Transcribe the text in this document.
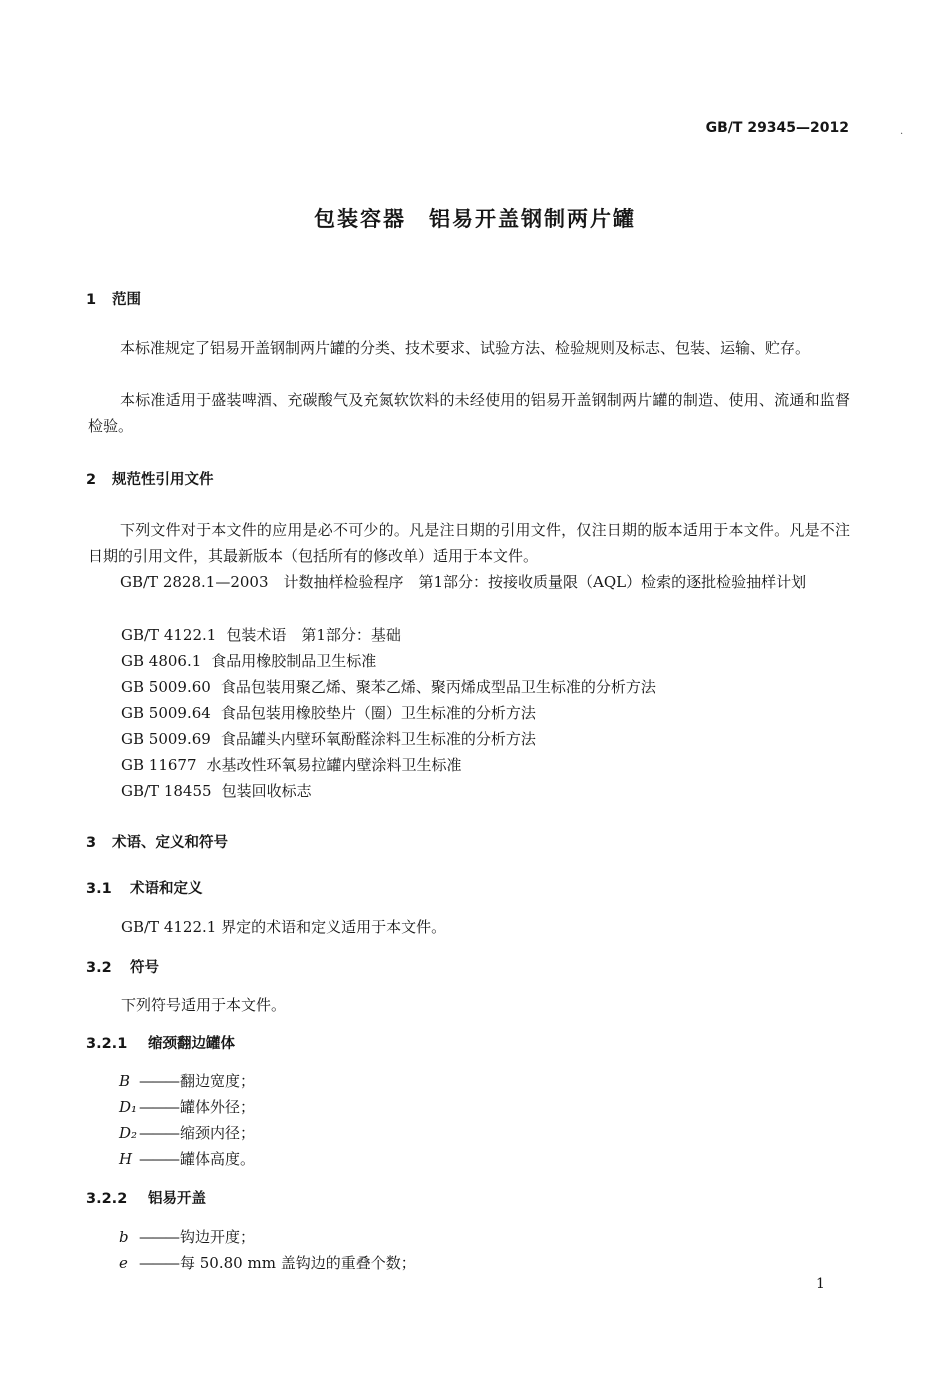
GB/T 29345—2012	.
包装容器　铝易开盖钢制两片罐
1 范围

本标准规定了铝易开盖钢制两片罐的分类、技术要求、试验方法、检验规则及标志、包装、运输、贮存。

本标准适用于盛装啤酒、充碳酸气及充氮软饮料的未经使用的铝易开盖钢制两片罐的制造、使用、流通和监督检验。

2 规范性引用文件

下列文件对于本文件的应用是必不可少的。凡是注日期的引用文件，仅注日期的版本适用于本文件。凡是不注日期的引用文件，其最新版本（包括所有的修改单）适用于本文件。

GB/T 2828.1—2003　计数抽样检验程序　第1部分：按接收质量限（AQL）检索的逐批检验抽样计划

GB/T 4122.1 包装术语　第1部分：基础
GB 4806.1 食品用橡胶制品卫生标准
GB 5009.60 食品包装用聚乙烯、聚苯乙烯、聚丙烯成型品卫生标准的分析方法
GB 5009.64 食品包装用橡胶垫片（圈）卫生标准的分析方法
GB 5009.69 食品罐头内壁环氧酚醛涂料卫生标准的分析方法
GB 11677 水基改性环氧易拉罐内壁涂料卫生标准
GB/T 18455 包装回收标志
3 术语、定义和符号
3.1 术语和定义
GB/T 4122.1 界定的术语和定义适用于本文件。
3.2 符号
下列符号适用于本文件。
3.2.1 缩颈翻边罐体
B ——— 翻边宽度；
D₁ ——— 罐体外径；
D₂ ——— 缩颈内径；
H ——— 罐体高度。
3.2.2 铝易开盖
b ——— 钩边开度；
e ——— 每 50.80 mm 盖钩边的重叠个数；
1
